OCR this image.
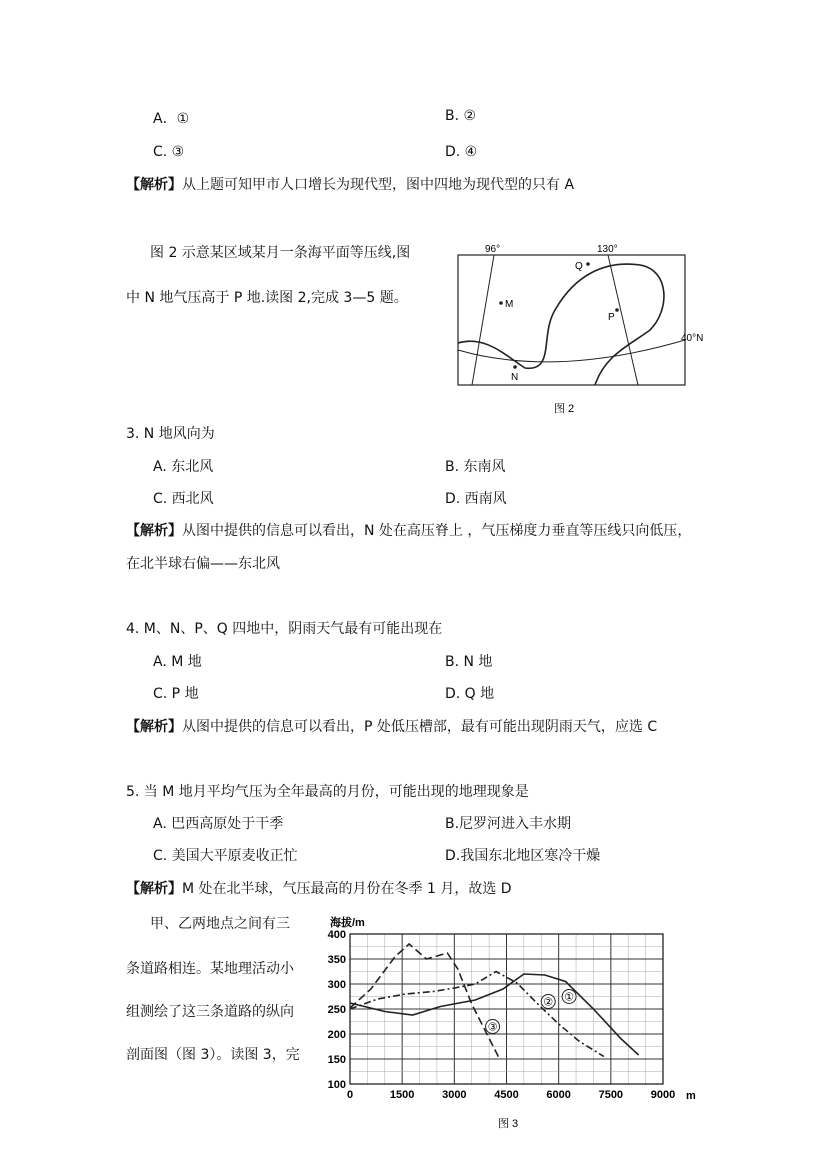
A．①	B. ②
C. ③	D. ④
【解析】从上题可知甲市人口增长为现代型，图中四地为现代型的只有 A
图 2 示意某区域某月一条海平面等压线,图
中 N 地气压高于 P 地.读图 2,完成 3—5 题。
96°	130°
40°N
M
N
P
Q
图 2
3. N 地风向为
A. 东北风	B. 东南风
C. 西北风	D. 西南风
【解析】从图中提供的信息可以看出，N 处在高压脊上 ，气压梯度力垂直等压线只向低压，
在北半球右偏——东北风
4. M、N、P、Q 四地中，阴雨天气最有可能出现在
A. M 地	B. N 地
C. P 地	D. Q 地
【解析】从图中提供的信息可以看出，P 处低压槽部，最有可能出现阴雨天气，应选 C
5. 当 M 地月平均气压为全年最高的月份，可能出现的地理现象是
A. 巴西高原处于干季	B.尼罗河进入丰水期
C. 美国大平原麦收正忙	D.我国东北地区寒冷干燥
【解析】M 处在北半球，气压最高的月份在冬季 1 月，故选 D
甲、乙两地点之间有三
条道路相连。某地理活动小
组测绘了这三条道路的纵向
剖面图（图 3）。读图 3，完
0	1500	3000	4500	6000	7500	9000
100
150
200
250
300
350
400
①
②
③
海拔/m
m
图 3
